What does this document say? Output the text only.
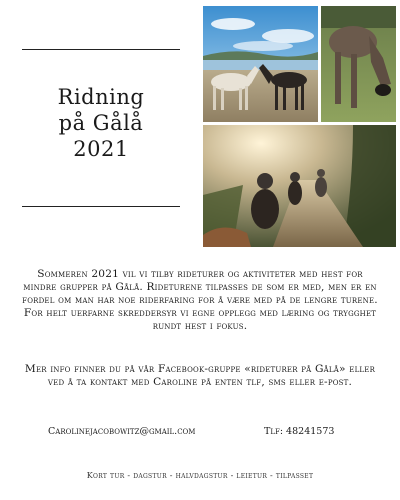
Ridning
på Gålå
2021

Sommeren 2021 vil vi tilby rideturer og aktiviteter med hest for mindre grupper på Gålå. Rideturene tilpasses de som er med, men er en fordel om man har noe riderfaring for å være med på de lengre turene. For helt uerfarne skreddersyr vi egne opplegg med læring og trygghet rundt hest i fokus.

Mer info finner du på vår Facebook-gruppe «rideturer på Gålå» eller ved å ta kontakt med Caroline på enten tlf, sms eller e-post.

Carolinejacobowitz@gmail.com	Tlf: 48241573
Kort tur - dagstur - halvdagstur - leietur - tilpasset
